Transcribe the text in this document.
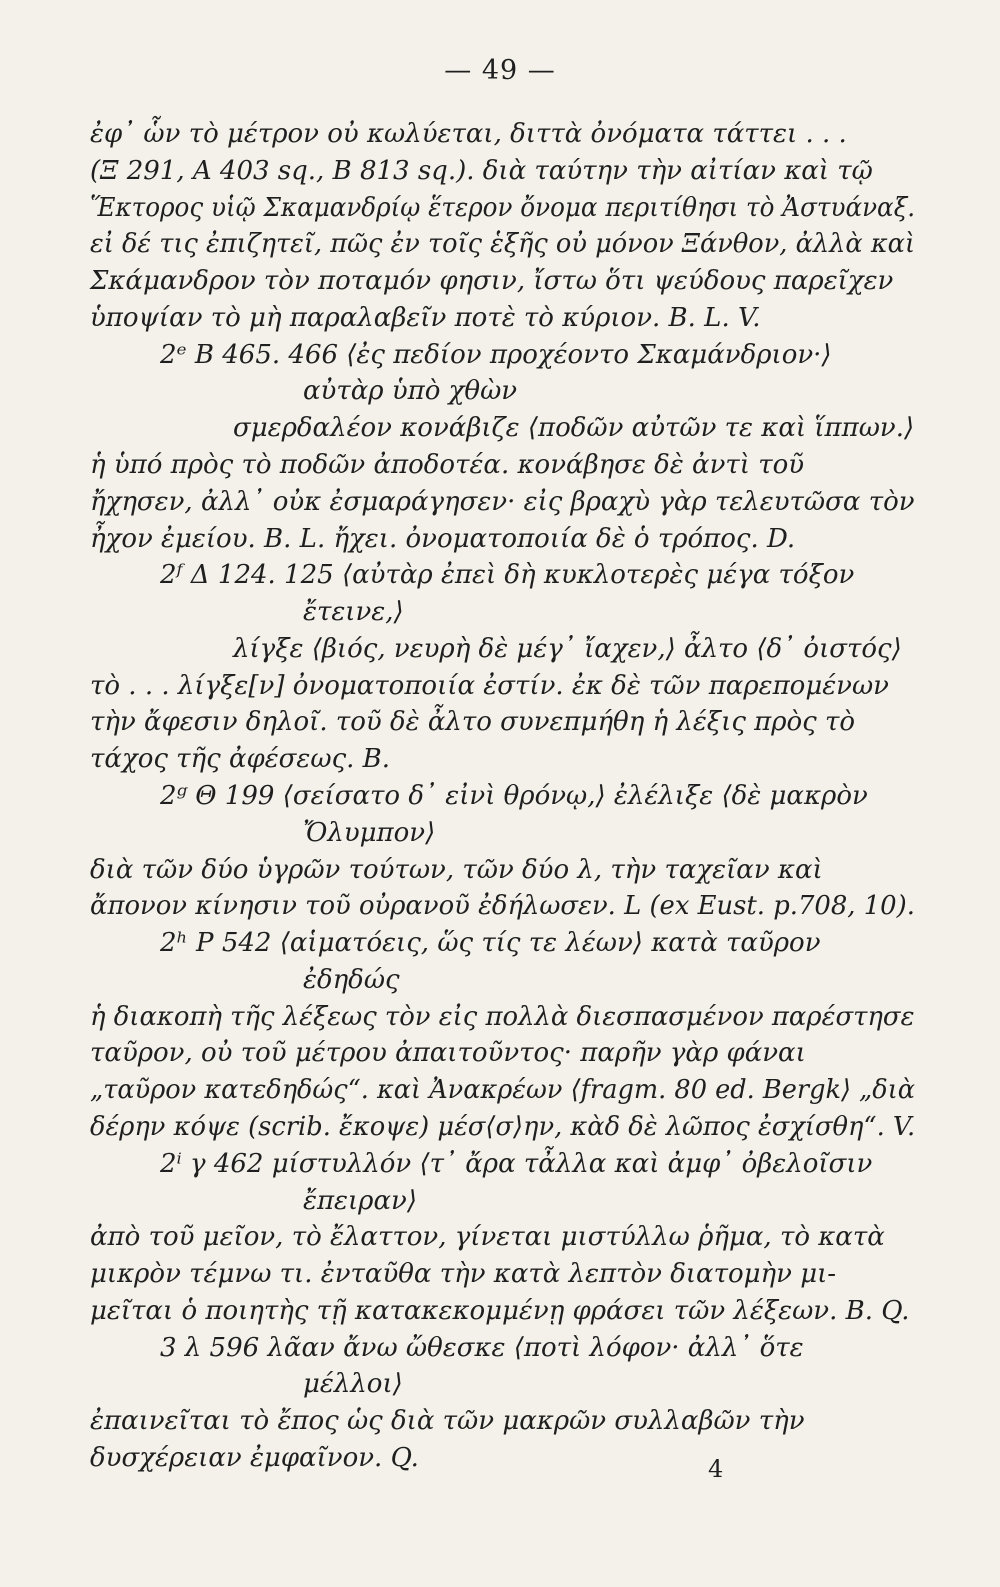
— 49 —
ἐφ᾽ ὧν τὸ μέτρον οὐ κωλύεται, διττὰ ὀνόματα τάττει . . .
(Ξ 291, Α 403 sq., Β 813 sq.). διὰ ταύτην τὴν αἰτίαν καὶ τῷ
Ἕκτορος υἱῷ Σκαμανδρίῳ ἕτερον ὄνομα περιτίθησι τὸ Ἀστυάναξ.
εἰ δέ τις ἐπιζητεῖ, πῶς ἐν τοῖς ἑξῆς οὐ μόνον Ξάνθον, ἀλλὰ καὶ
Σκάμανδρον τὸν ποταμόν φησιν, ἴστω ὅτι ψεύδους παρεῖχεν
ὑποψίαν τὸ μὴ παραλαβεῖν ποτὲ τὸ κύριον. B. L. V.
2ᵉ Β 465. 466 ⟨ἐς πεδίον προχέοντο Σκαμάνδριον·⟩
αὐτὰρ ὑπὸ χθὼν
σμερδαλέον κονάβιζε ⟨ποδῶν αὐτῶν τε καὶ ἵππων.⟩
ἡ ὑπό πρὸς τὸ ποδῶν ἀποδοτέα. κονάβησε δὲ ἀντὶ τοῦ
ἤχησεν, ἀλλ᾽ οὐκ ἐσμαράγησεν· εἰς βραχὺ γὰρ τελευτῶσα τὸν
ἦχον ἐμείου. B. L. ἤχει. ὀνοματοποιία δὲ ὁ τρόπος. D.
2ᶠ Δ 124. 125 ⟨αὐτὰρ ἐπεὶ δὴ κυκλοτερὲς μέγα τόξον
ἔτεινε,⟩
λίγξε ⟨βιός, νευρὴ δὲ μέγ᾽ ἴαχεν,⟩ ἆλτο ⟨δ᾽ ὀιστός⟩
τὸ . . . λίγξε[ν] ὀνοματοποιία ἐστίν. ἐκ δὲ τῶν παρεπομένων
τὴν ἄφεσιν δηλοῖ. τοῦ δὲ ἆλτο συνεπμήθη ἡ λέξις πρὸς τὸ
τάχος τῆς ἀφέσεως. B.
2ᵍ Θ 199 ⟨σείσατο δ᾽ εἰνὶ θρόνῳ,⟩ ἐλέλιξε ⟨δὲ μακρὸν
Ὄλυμπον⟩
διὰ τῶν δύο ὑγρῶν τούτων, τῶν δύο λ, τὴν ταχεῖαν καὶ
ἄπονον κίνησιν τοῦ οὐρανοῦ ἐδήλωσεν. L (ex Eust. p.708, 10).
2ʰ Ρ 542 ⟨αἱματόεις, ὥς τίς τε λέων⟩ κατὰ ταῦρον
ἐδηδώς
ἡ διακοπὴ τῆς λέξεως τὸν εἰς πολλὰ διεσπασμένον παρέστησε
ταῦρον, οὐ τοῦ μέτρου ἀπαιτοῦντος· παρῆν γὰρ φάναι
„ταῦρον κατεδηδώς“. καὶ Ἀνακρέων ⟨fragm. 80 ed. Bergk⟩ „διὰ
δέρην κόψε (scrib. ἔκοψε) μέσ⟨σ⟩ην, κὰδ δὲ λῶπος ἐσχίσθη“. V.
2ⁱ γ 462 μίστυλλόν ⟨τ᾽ ἄρα τἆλλα καὶ ἀμφ᾽ ὀβελοῖσιν
ἔπειραν⟩
ἀπὸ τοῦ μεῖον, τὸ ἔλαττον, γίνεται μιστύλλω ῥῆμα, τὸ κατὰ
μικρὸν τέμνω τι. ἐνταῦθα τὴν κατὰ λεπτὸν διατομὴν μι-
μεῖται ὁ ποιητὴς τῇ κατακεκομμένῃ φράσει τῶν λέξεων. B. Q.
3 λ 596 λᾶαν ἄνω ὤθεσκε ⟨ποτὶ λόφον· ἀλλ᾽ ὅτε
μέλλοι⟩
ἐπαινεῖται τὸ ἔπος ὡς διὰ τῶν μακρῶν συλλαβῶν τὴν
δυσχέρειαν ἐμφαῖνον. Q.	4
